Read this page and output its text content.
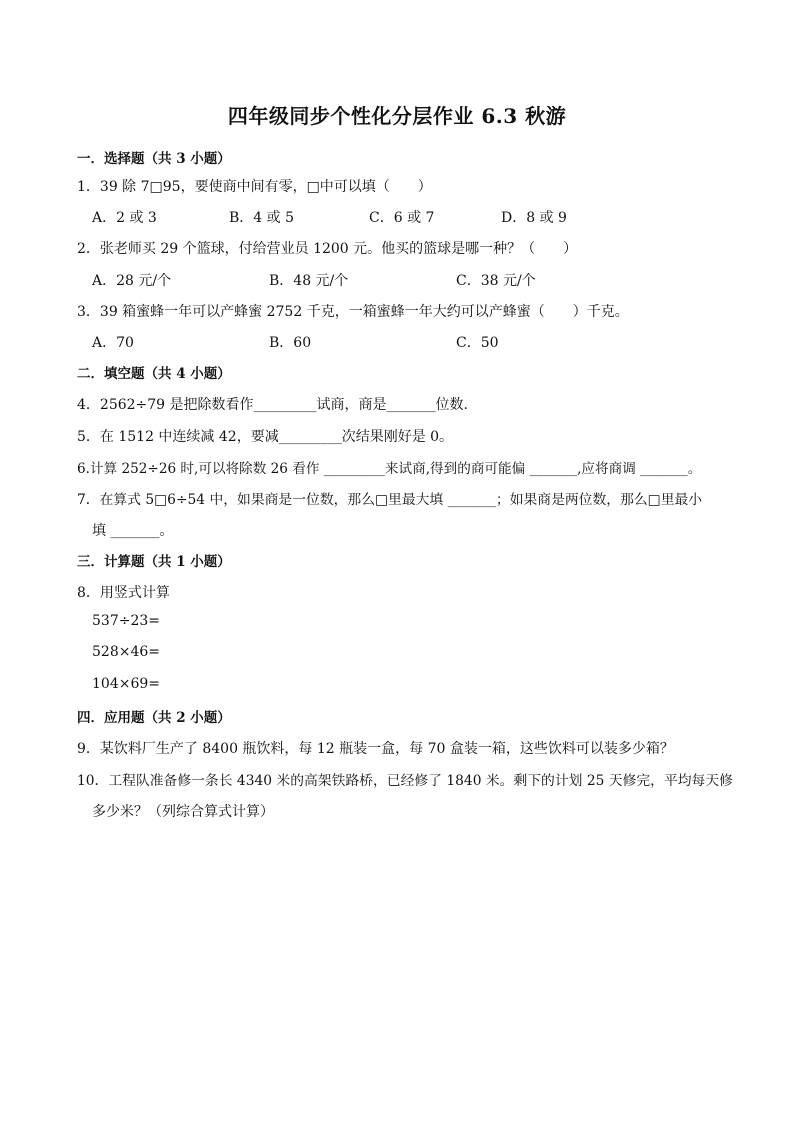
四年级同步个性化分层作业 6.3 秋游
一．选择题（共 3 小题）
1．39 除 7□95，要使商中间有零，□中可以填（　　）
A．2 或 3	B．4 或 5	C．6 或 7	D．8 或 9
2．张老师买 29 个篮球，付给营业员 1200 元。他买的篮球是哪一种？（　　）
A．28 元/个	B．48 元/个	C．38 元/个
3．39 箱蜜蜂一年可以产蜂蜜 2752 千克，一箱蜜蜂一年大约可以产蜂蜜（　　）千克。
A．70	B．60	C．50
二．填空题（共 4 小题）
4．2562÷79 是把除数看作_________试商，商是_______位数.
5．在 1512 中连续减 42，要减_________次结果刚好是 0。
6.计算 252÷26 时,可以将除数 26 看作 _________来试商,得到的商可能偏 _______,应将商调 _______。
7．在算式 5□6÷54 中，如果商是一位数，那么□里最大填 _______；如果商是两位数，那么□里最小
填 _______。
三．计算题（共 1 小题）
8．用竖式计算
537÷23=
528×46=
104×69=
四．应用题（共 2 小题）
9．某饮料厂生产了 8400 瓶饮料，每 12 瓶装一盒，每 70 盒装一箱，这些饮料可以装多少箱？
10．工程队准备修一条长 4340 米的高架铁路桥，已经修了 1840 米。剩下的计划 25 天修完，平均每天修
多少米？（列综合算式计算）
